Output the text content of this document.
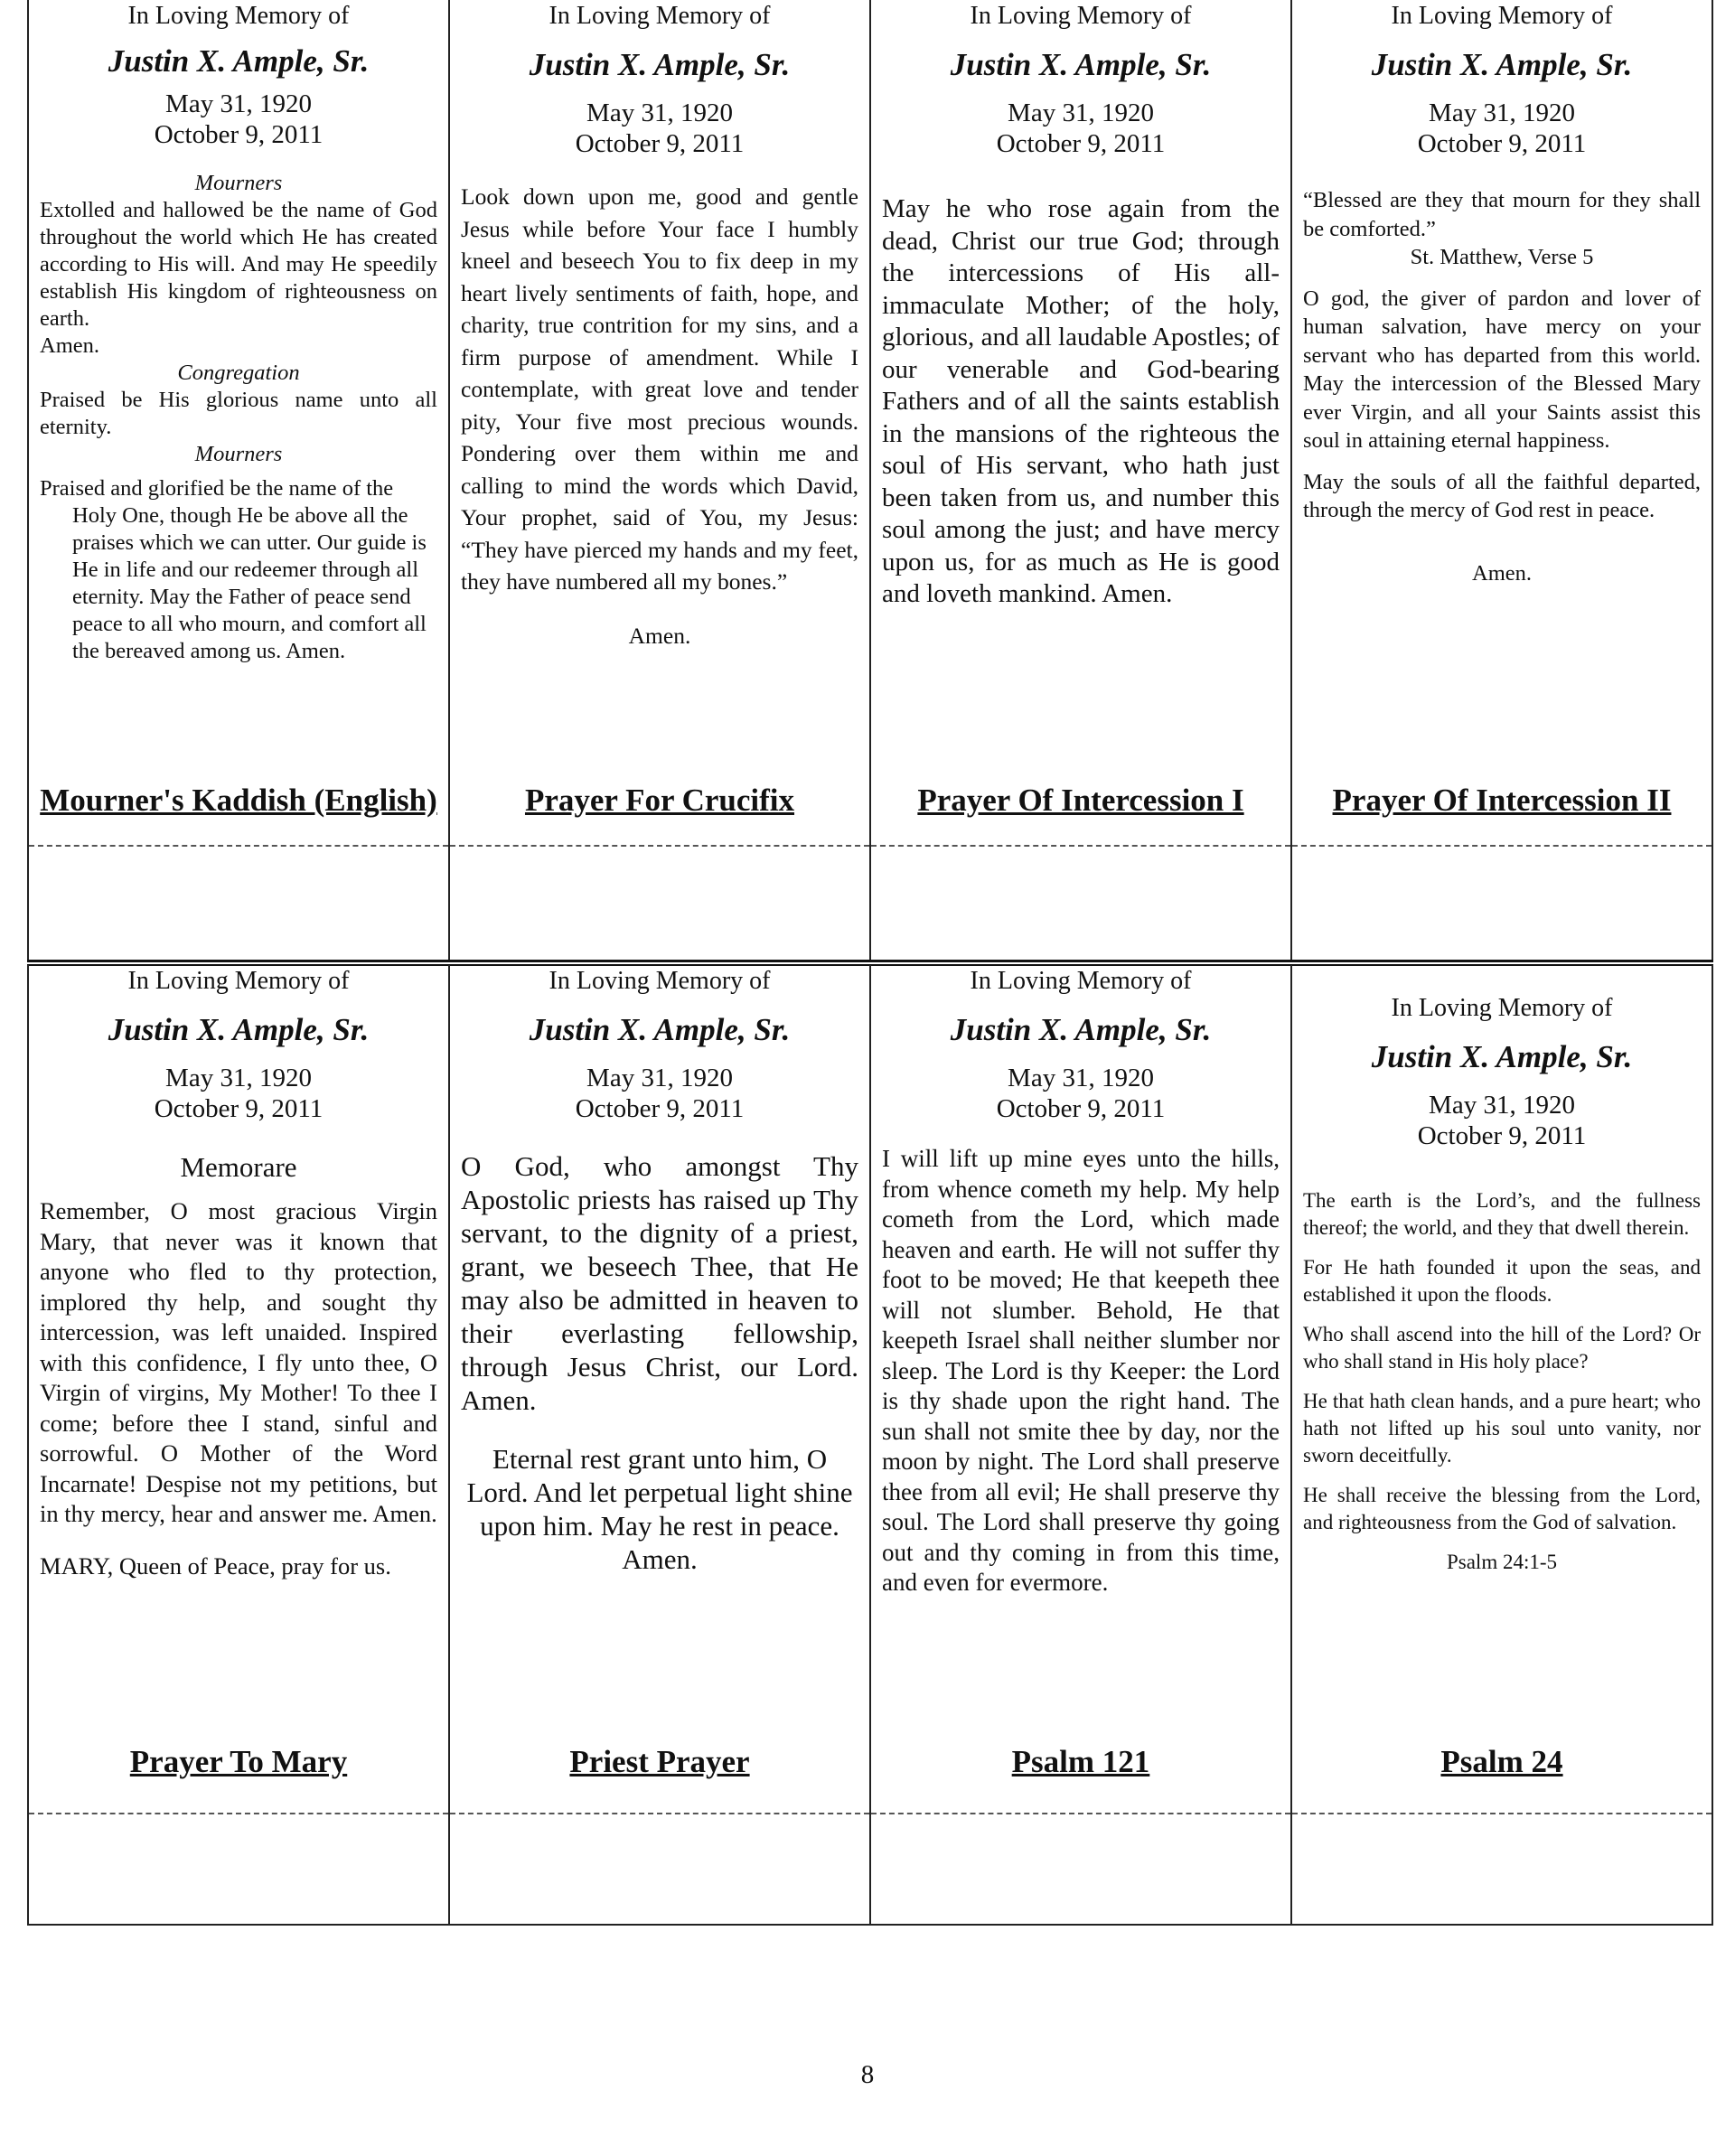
In Loving Memory of
Justin X. Ample, Sr.
May 31, 1920
October 9, 2011
Mourners
Extolled and hallowed be the name of God throughout the world which He has created according to His will. And may He speedily establish His kingdom of righteousness on earth.
Amen.
Congregation
Praised be His glorious name unto all eternity.
Mourners
Praised and glorified be the name of the Holy One, though He be above all the praises which we can utter. Our guide is He in life and our redeemer through all eternity. May the Father of peace send peace to all who mourn, and comfort all the bereaved among us. Amen.
Mourner's Kaddish (English)
In Loving Memory of
Justin X. Ample, Sr.
May 31, 1920
October 9, 2011
Look down upon me, good and gentle Jesus while before Your face I humbly kneel and beseech You to fix deep in my heart lively sentiments of faith, hope, and charity, true contrition for my sins, and a firm purpose of amendment. While I contemplate, with great love and tender pity, Your five most precious wounds. Pondering over them within me and calling to mind the words which David, Your prophet, said of You, my Jesus: “They have pierced my hands and my feet, they have numbered all my bones.”
Amen.
Prayer For Crucifix
In Loving Memory of
Justin X. Ample, Sr.
May 31, 1920
October 9, 2011
May he who rose again from the dead, Christ our true God; through the intercessions of His all-immaculate Mother; of the holy, glorious, and all laudable Apostles; of our venerable and God-bearing Fathers and of all the saints establish in the mansions of the righteous the soul of His servant, who hath just been taken from us, and number this soul among the just; and have mercy upon us, for as much as He is good and loveth mankind. Amen.
Prayer Of Intercession I
In Loving Memory of
Justin X. Ample, Sr.
May 31, 1920
October 9, 2011
“Blessed are they that mourn for they shall be comforted.”

St. Matthew, Verse 5

O god, the giver of pardon and lover of human salvation, have mercy on your servant who has departed from this world. May the intercession of the Blessed Mary ever Virgin, and all your Saints assist this soul in attaining eternal happiness.

May the souls of all the faithful departed, through the mercy of God rest in peace.

Amen.
Prayer Of Intercession II
In Loving Memory of
Justin X. Ample, Sr.
May 31, 1920
October 9, 2011
Memorare
Remember, O most gracious Virgin Mary, that never was it known that anyone who fled to thy protection, implored thy help, and sought thy intercession, was left unaided. Inspired with this confidence, I fly unto thee, O Virgin of virgins, My Mother! To thee I come; before thee I stand, sinful and sorrowful. O Mother of the Word Incarnate! Despise not my petitions, but in thy mercy, hear and answer me. Amen.
MARY, Queen of Peace, pray for us.
Prayer To Mary
In Loving Memory of
Justin X. Ample, Sr.
May 31, 1920
October 9, 2011
O God, who amongst Thy Apostolic priests has raised up Thy servant, to the dignity of a priest, grant, we beseech Thee, that He may also be admitted in heaven to their everlasting fellowship, through Jesus Christ, our Lord. Amen.
Eternal rest grant unto him, O Lord. And let perpetual light shine upon him. May he rest in peace. Amen.
Priest Prayer
In Loving Memory of
Justin X. Ample, Sr.
May 31, 1920
October 9, 2011
I will lift up mine eyes unto the hills, from whence cometh my help. My help cometh from the Lord, which made heaven and earth. He will not suffer thy foot to be moved; He that keepeth thee will not slumber. Behold, He that keepeth Israel shall neither slumber nor sleep. The Lord is thy Keeper: the Lord is thy shade upon the right hand. The sun shall not smite thee by day, nor the moon by night. The Lord shall preserve thee from all evil; He shall preserve thy soul. The Lord shall preserve thy going out and thy coming in from this time, and even for evermore.
Psalm 121
In Loving Memory of
Justin X. Ample, Sr.
May 31, 1920
October 9, 2011

The earth is the Lord’s, and the fullness thereof; the world, and they that dwell therein.

For He hath founded it upon the seas, and established it upon the floods.

Who shall ascend into the hill of the Lord? Or who shall stand in His holy place?

He that hath clean hands, and a pure heart; who hath not lifted up his soul unto vanity, nor sworn deceitfully.

He shall receive the blessing from the Lord, and righteousness from the God of salvation.

Psalm 24:1-5
Psalm 24
8
